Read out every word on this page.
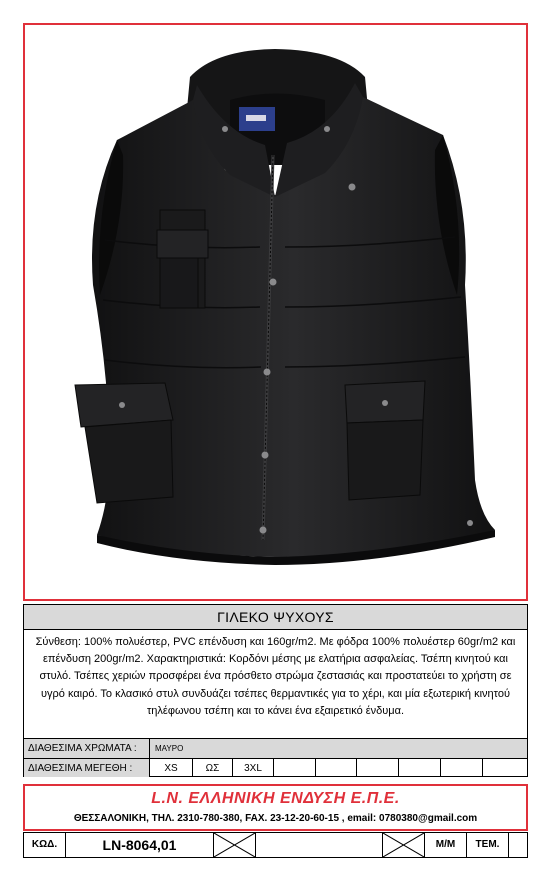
ΓΙΛΕΚΟ ΨΥΧΟΥΣ
Σύνθεση: 100% πολυέστερ, PVC επένδυση και 160gr/m2. Με φόδρα 100% πολυέστερ 60gr/m2 και επένδυση 200gr/m2. Χαρακτηριστικά: Κορδόνι μέσης με ελατήρια ασφαλείας. Τσέπη κινητού και στυλό. Τσέπες χεριών προσφέρει ένα πρόσθετο στρώμα ζεστασιάς και προστατεύει το χρήστη σε υγρό καιρό. Το κλασικό στυλ συνδυάζει τσέπες θερμαντικές για το χέρι, και μία εξωτερική κινητού τηλέφωνου τσέπη και το κάνει ένα εξαιρετικό ένδυμα.
ΔΙΑΘΕΣΙΜΑ ΧΡΩΜΑΤΑ :	ΜΑΥΡΟ
ΔΙΑΘΕΣΙΜΑ ΜΕΓΕΘΗ :	XS	ΩΣ	3XL
L.N. ΕΛΛΗΝΙΚΗ ΕΝΔΥΣΗ Ε.Π.Ε.
ΘΕΣΣΑΛΟΝΙΚΗ, ΤΗΛ. 2310-780-380, FAX. 23-12-20-60-15 , email: 0780380@gmail.com
ΚΩΔ.	LN-8064,01	Μ/Μ	ΤΕΜ.
